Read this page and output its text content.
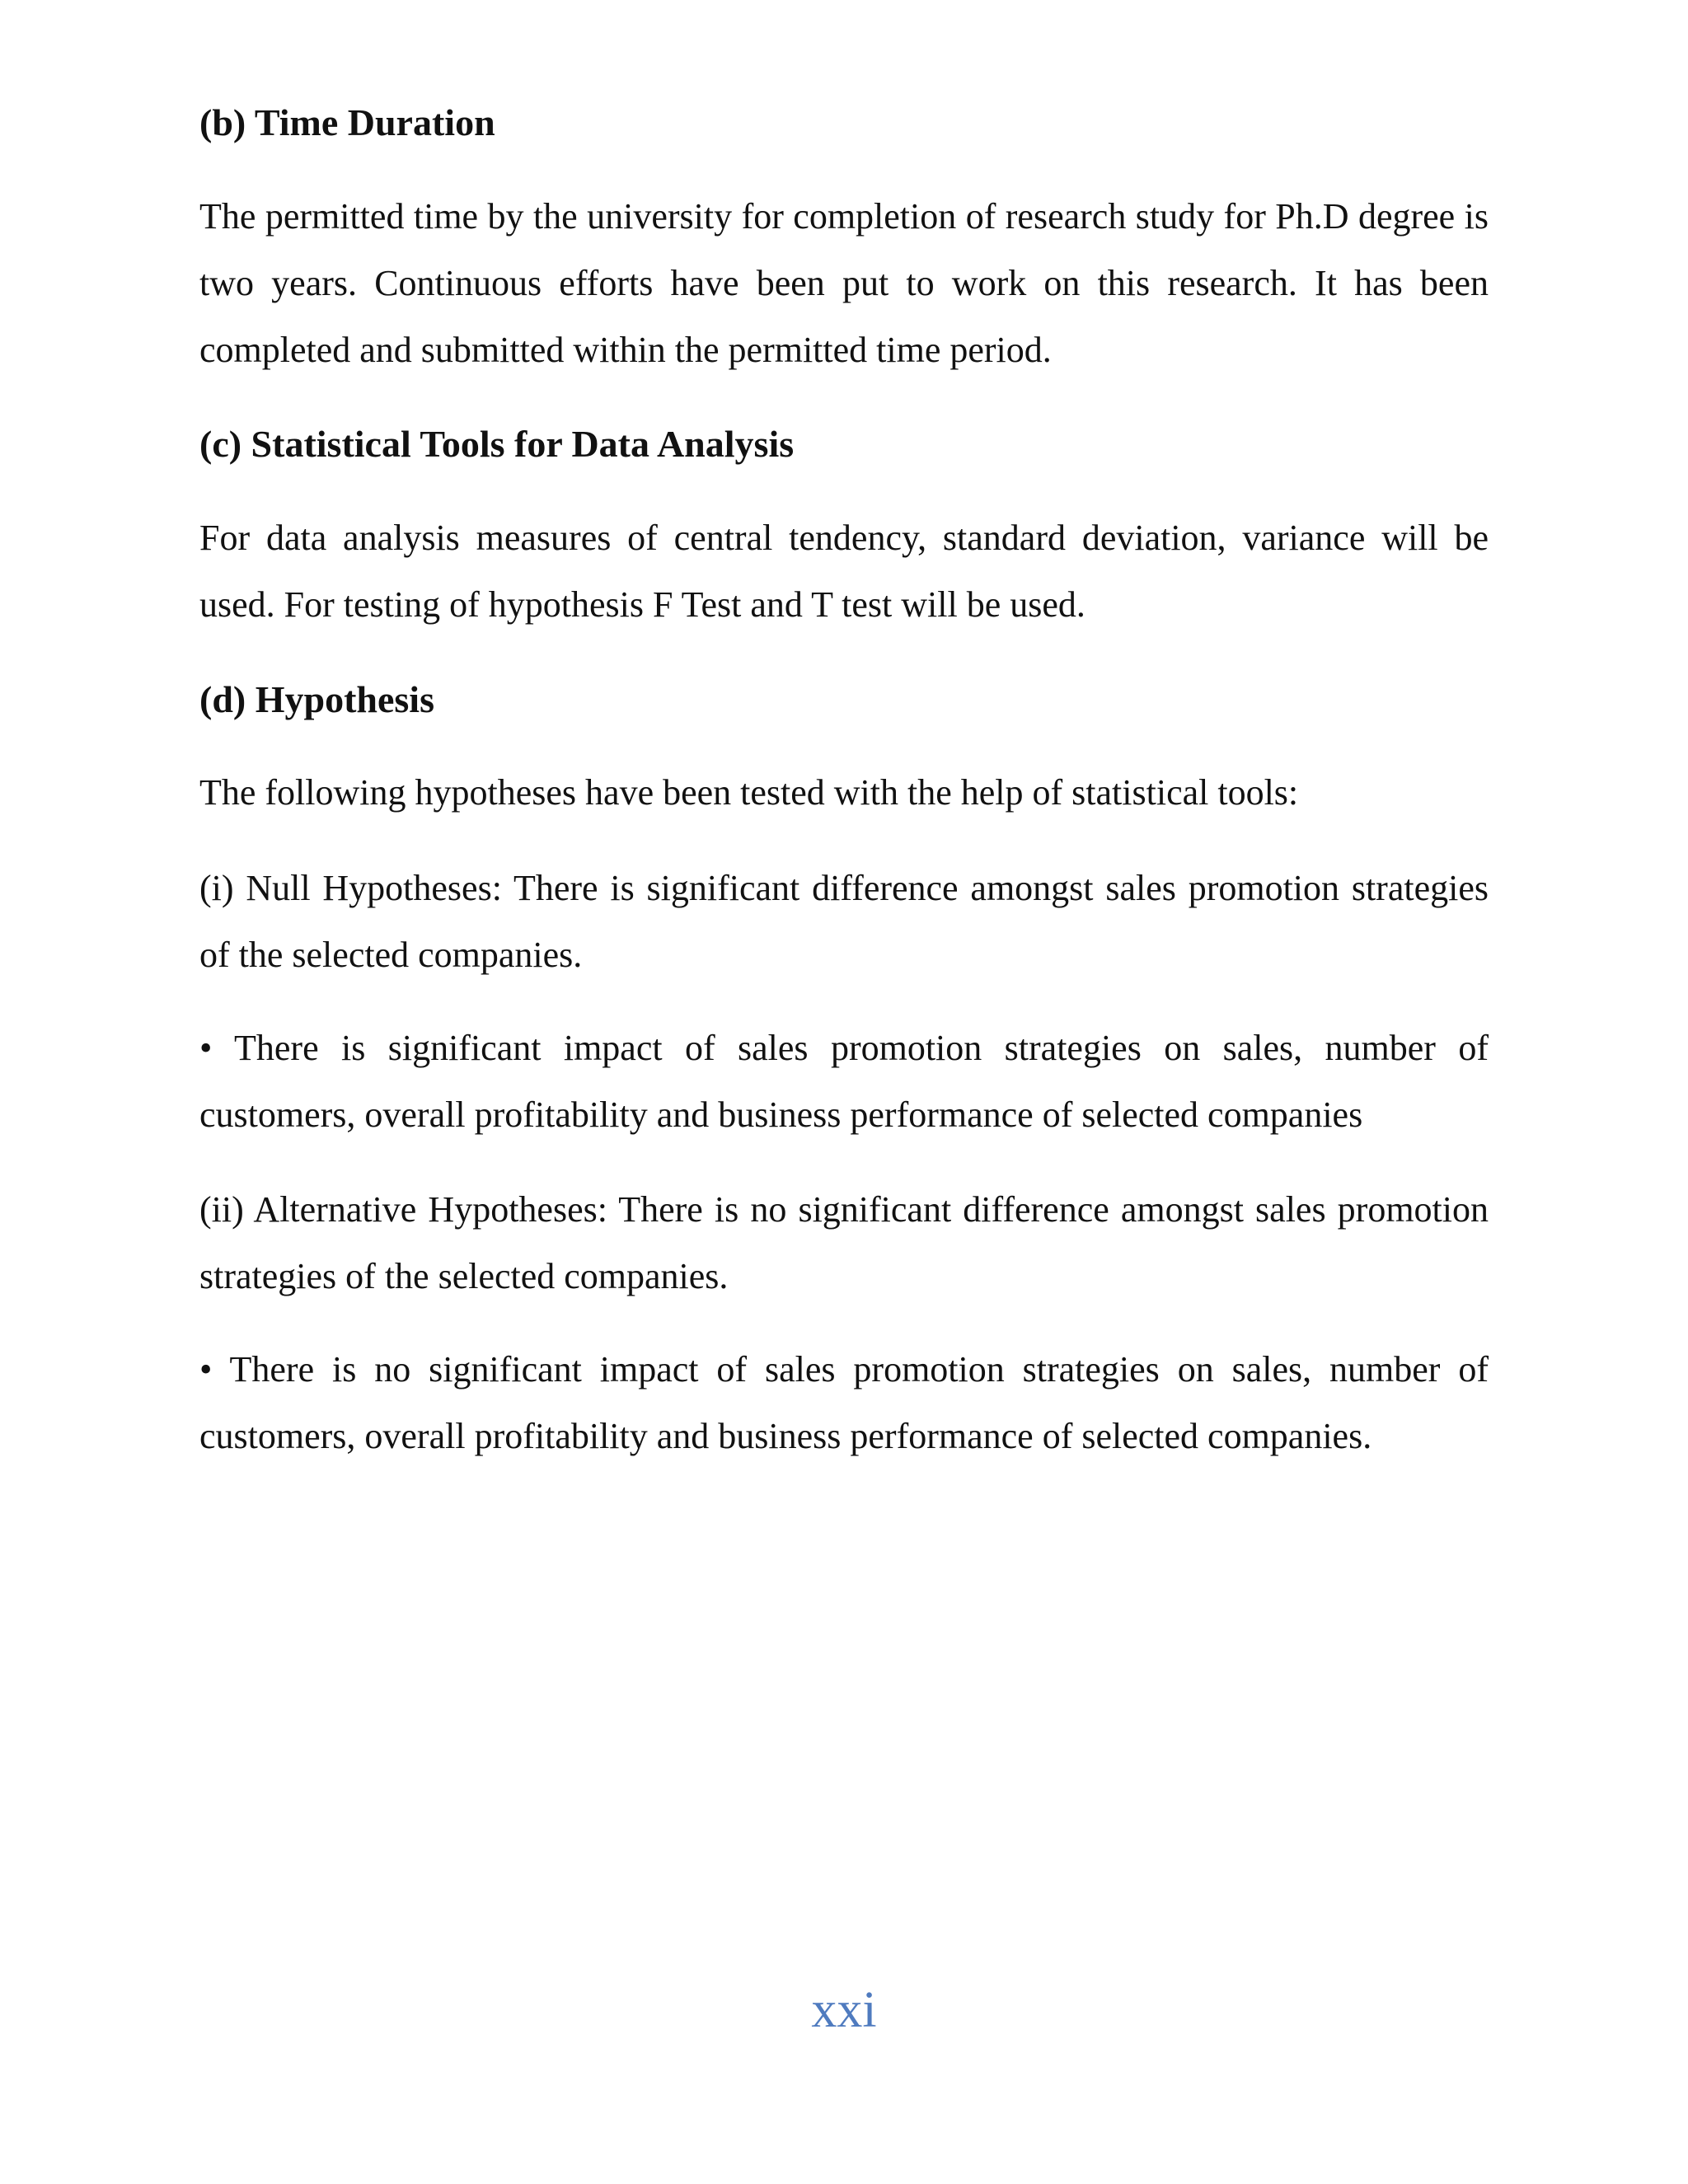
(b) Time Duration
The permitted time by the university for completion of research study for Ph.D degree is two years. Continuous efforts have been put to work on this research. It has been completed and submitted within the permitted time period.
(c) Statistical Tools for Data Analysis
For data analysis measures of central tendency, standard deviation, variance will be used. For testing of hypothesis F Test and T test will be used.
(d) Hypothesis
The following hypotheses have been tested with the help of statistical tools:
(i) Null Hypotheses: There is significant difference amongst sales promotion strategies of the selected companies.
• There is significant impact of sales promotion strategies on sales, number of customers, overall profitability and business performance of selected companies
(ii) Alternative Hypotheses: There is no significant difference amongst sales promotion strategies of the selected companies.
• There is no significant impact of sales promotion strategies on sales, number of customers, overall profitability and business performance of selected companies.
xxi
